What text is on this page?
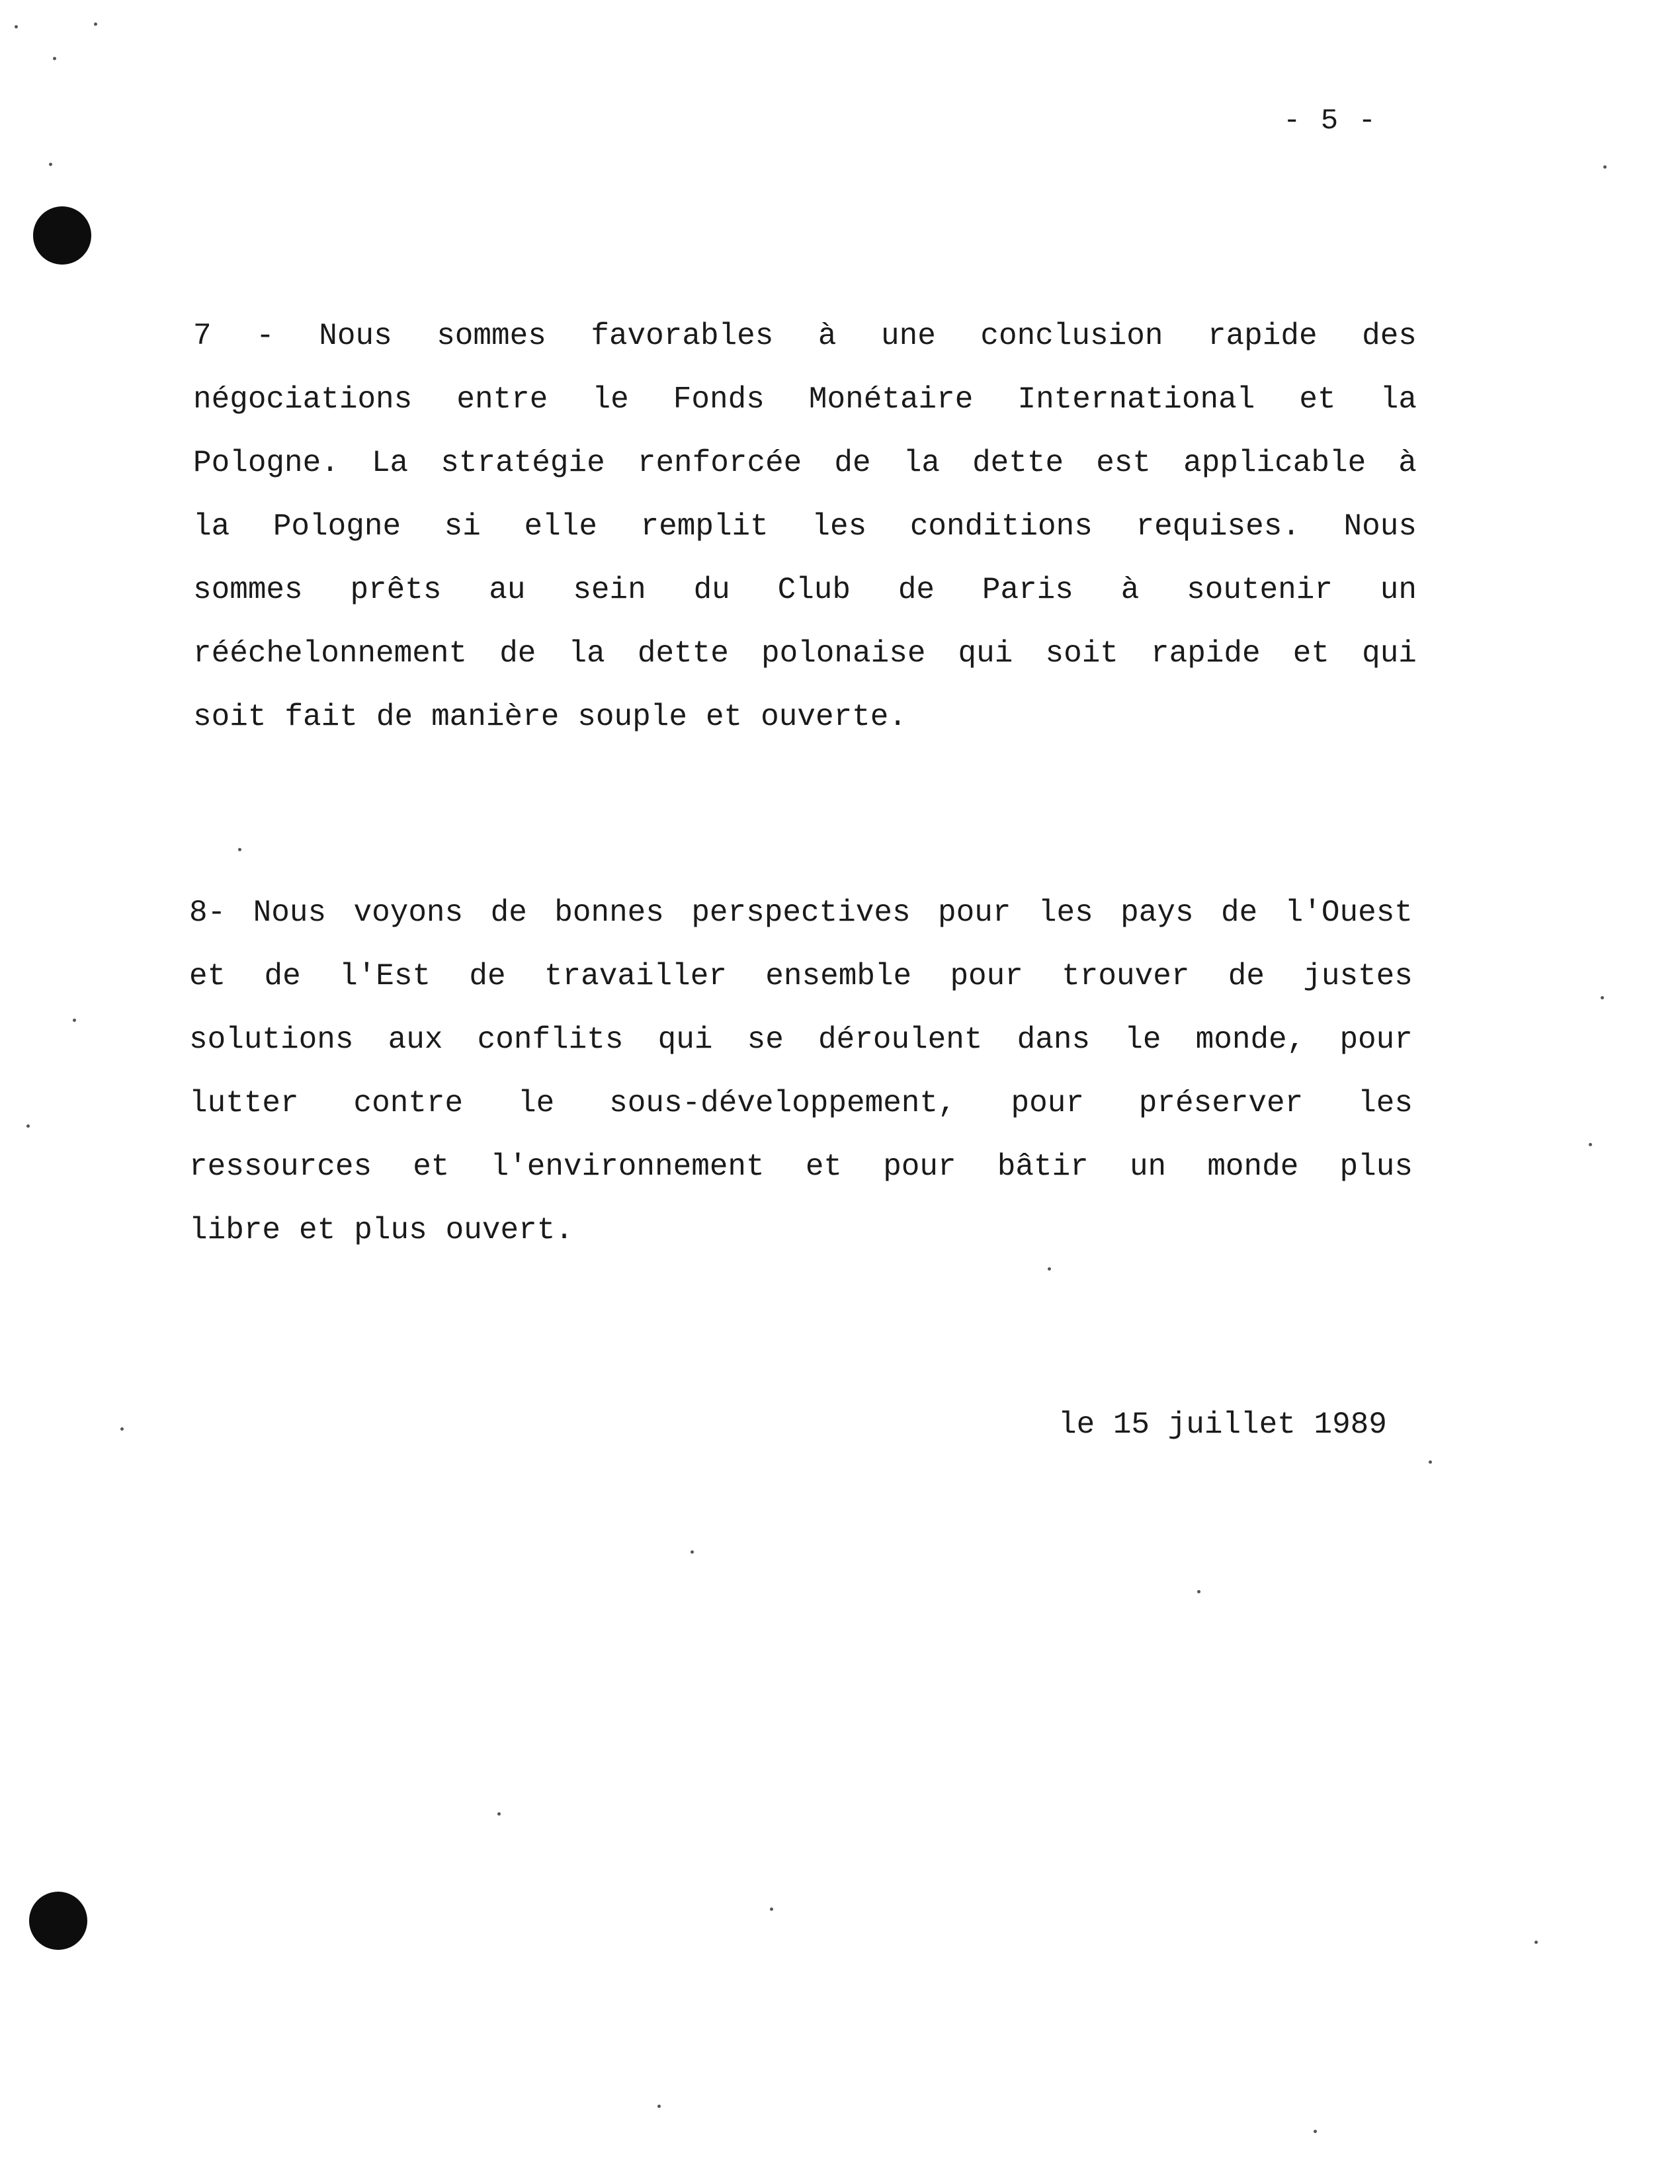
- 5 -
7 - Nous sommes favorables à une conclusion rapide des
négociations entre le Fonds Monétaire International et la
Pologne. La stratégie renforcée de la dette est applicable à
la Pologne si elle remplit les conditions requises. Nous
sommes prêts au sein du Club de Paris à soutenir un
rééchelonnement de la dette polonaise qui soit rapide et qui
soit fait de manière souple et ouverte.
8- Nous voyons de bonnes perspectives pour les pays de l'Ouest
et de l'Est de travailler ensemble pour trouver de justes
solutions aux conflits qui se déroulent dans le monde, pour
lutter contre le sous-développement, pour préserver les
ressources et l'environnement et pour bâtir un monde plus
libre et plus ouvert.
le 15 juillet 1989
